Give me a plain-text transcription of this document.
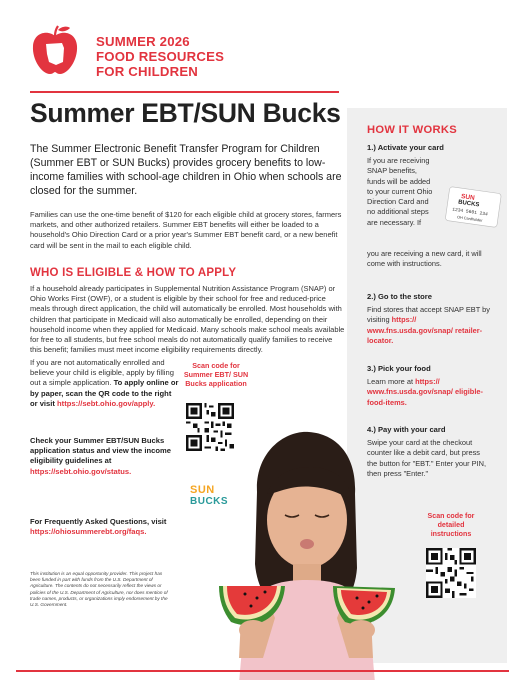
SUMMER 2026
FOOD RESOURCES
FOR CHILDREN
Summer EBT/SUN Bucks

The Summer Electronic Benefit Transfer Program for Children (Summer EBT or SUN Bucks) provides grocery benefits to low-income families with school-age children in Ohio when schools are closed for the summer.

Families can use the one-time benefit of $120 for each eligible child at grocery stores, farmers markets, and other authorized retailers. Summer EBT benefits will either be loaded to a household's Ohio Direction Card or a prior year's Summer EBT benefit card, or a new benefit card will be sent in the mail to each eligible child.

WHO IS ELIGIBLE & HOW TO APPLY

If a household already participates in Supplemental Nutrition Assistance Program (SNAP) or Ohio Works First (OWF), or a student is eligible by their school for free and reduced-price meals through direct application, the child will automatically be enrolled. Most households with children that participate in Medicaid will also automatically be enrolled, depending on their household income when they applied for Medicaid. Many schools make school meals available for free to all students, but free school meals do not automatically qualify families to receive this benefit; families must meet income eligibility requirements directly.

If you are not automatically enrolled and believe your child is eligible, apply by filling out a simple application. To apply online or by paper, scan the QR code to the right or visit https://sebt.ohio.gov/apply.

Check your Summer EBT/SUN Bucks application status and view the income eligibility guidelines at https://sebt.ohio.gov/status.

For Frequently Asked Questions, visit https://ohiosummerebt.org/faqs.

This institution is an equal opportunity provider. This project has been funded in part with funds from the U.S. Department of Agriculture. The contents do not necessarily reflect the views or policies of the U.S. Department of Agriculture, nor does mention of trade names, products, or organizations imply endorsement by the U.S. Government.

Scan code for Summer EBT/ SUN Bucks application
SUN
BUCKS
HOW IT WORKS
1.) Activate your card

If you are receiving SNAP benefits, funds will be added to your current Ohio Direction Card and no additional steps are necessary. If

you are receiving a new card, it will come with instructions.

SUN
BUCKS
1234 5601 234
OH Cardholder
2.) Go to the store

Find stores that accept SNAP EBT by visiting https:// www.fns.usda.gov/snap/ retailer-locator.

3.) Pick your food

Learn more at https:// www.fns.usda.gov/snap/ eligible-food-items.

4.) Pay with your card

Swipe your card at the checkout counter like a debit card, but press the button for "EBT." Enter your PIN, then press "Enter."

Scan code for detailed instructions
